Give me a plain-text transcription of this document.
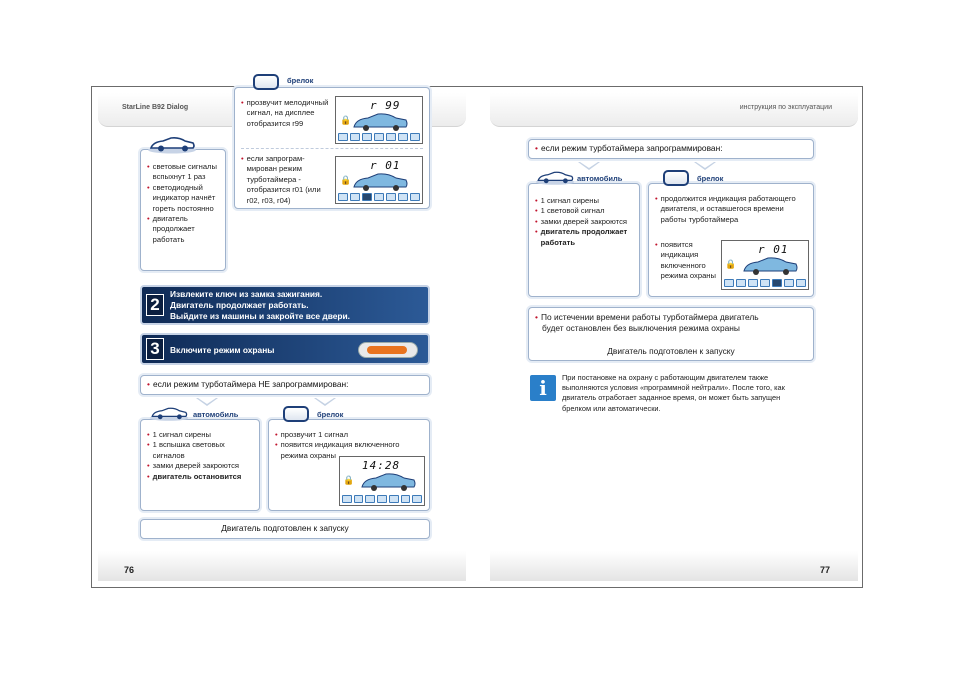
StarLine B92 Dialog
• световые сигналы вспыхнут 1 раз
• светодиодный индикатор начнёт гореть постоянно
• двигатель продолжает работать
брелок
• прозвучит мелодичный сигнал, на дисплее отобразится r99
r 99
🔒
• если запрограм-мирован режим турботаймера - отобразится r01 (или r02, r03, r04)
r 01
🔒
2
Извлеките ключ из замка зажигания.
Двигатель продолжает работать.
Выйдите из машины и закройте все двери.
3	Включите режим охраны
• если режим турботаймера НЕ запрограммирован:
автомобиль
• 1 сигнал сирены
• 1 вспышка световых сигналов
• замки дверей закроются
• двигатель остановится
брелок
• прозвучит 1 сигнал
• появится индикация включенного режима охраны
14:28
🔒
Двигатель подготовлен к запуску
76
инструкция по эксплуатации
• если режим турботаймера запрограммирован:
автомобиль
• 1 сигнал сирены
• 1 световой сигнал
• замки дверей закроются
• двигатель продолжает работать
брелок
• продолжится индикация работающего двигателя, и оставшегося времени работы турботаймера
• появится индикация включенного режима охраны
r 01
🔒
• По истечении времени работы турботаймера двигатель
будет остановлен без выключения режима охраны
Двигатель подготовлен к запуску
i	При постановке на охрану с работающим двигателем также выполняются условия «программной нейтрали». После того, как двигатель отработает заданное время, он может быть запущен брелком или автоматически.
77
